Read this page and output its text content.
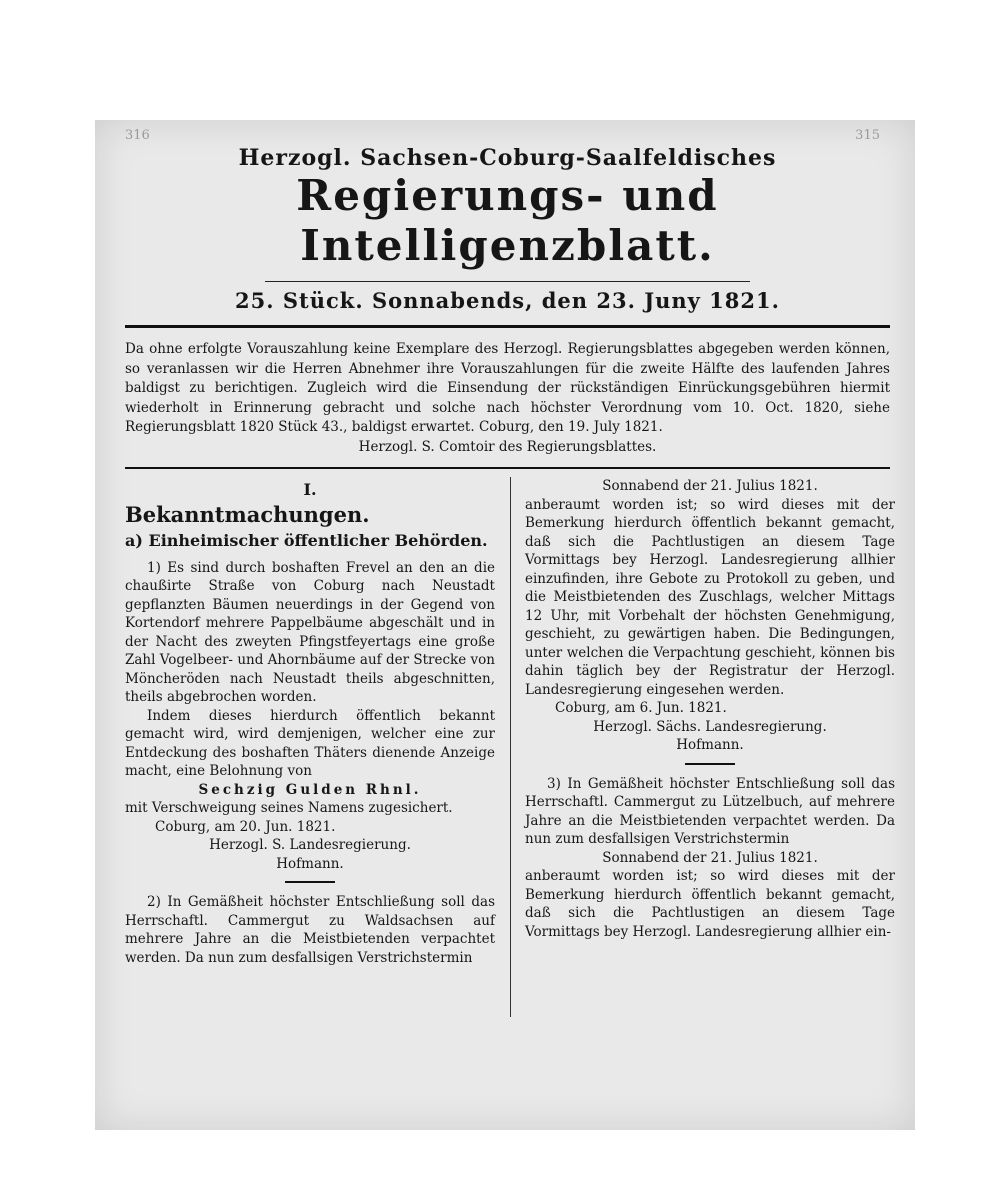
316	315
Herzogl. Sachsen-Coburg-Saalfeldisches
Regierungs- und Intelligenzblatt.
25. Stück. Sonnabends, den 23. Juny 1821.

Da ohne erfolgte Vorauszahlung keine Exemplare des Herzogl. Regierungsblattes abgegeben werden können, so veranlassen wir die Herren Abnehmer ihre Vorauszahlungen für die zweite Hälfte des laufenden Jahres baldigst zu berichtigen. Zugleich wird die Einsendung der rückständigen Einrückungsgebühren hiermit wiederholt in Erinnerung gebracht und solche nach höchster Verordnung vom 10. Oct. 1820, siehe Regierungsblatt 1820 Stück 43., baldigst erwartet. Coburg, den 19. July 1821.

Herzogl. S. Comtoir des Regierungsblattes.

I.
Bekanntmachungen.
a) Einheimischer öffentlicher Behörden.

1) Es sind durch boshaften Frevel an den an die chaußirte Straße von Coburg nach Neustadt gepflanzten Bäumen neuerdings in der Gegend von Kortendorf mehrere Pappelbäume abgeschält und in der Nacht des zweyten Pfingstfeyertags eine große Zahl Vogelbeer- und Ahornbäume auf der Strecke von Möncheröden nach Neustadt theils abgeschnitten, theils abgebrochen worden.

Indem dieses hierdurch öffentlich bekannt gemacht wird, wird demjenigen, welcher eine zur Entdeckung des boshaften Thäters dienende Anzeige macht, eine Belohnung von

Sechzig Gulden Rhnl.

mit Verschweigung seines Namens zugesichert.

Coburg, am 20. Jun. 1821.

Herzogl. S. Landesregierung.

Hofmann.

2) In Gemäßheit höchster Entschließung soll das Herrschaftl. Cammergut zu Waldsachsen auf mehrere Jahre an die Meistbietenden verpachtet werden. Da nun zum desfallsigen Verstrichstermin

Sonnabend der 21. Julius 1821.

anberaumt worden ist; so wird dieses mit der Bemerkung hierdurch öffentlich bekannt gemacht, daß sich die Pachtlustigen an diesem Tage Vormittags bey Herzogl. Landesregierung allhier einzufinden, ihre Gebote zu Protokoll zu geben, und die Meistbietenden des Zuschlags, welcher Mittags 12 Uhr, mit Vorbehalt der höchsten Genehmigung, geschieht, zu gewärtigen haben. Die Bedingungen, unter welchen die Verpachtung geschieht, können bis dahin täglich bey der Registratur der Herzogl. Landesregierung eingesehen werden.

Coburg, am 6. Jun. 1821.

Herzogl. Sächs. Landesregierung.

Hofmann.

3) In Gemäßheit höchster Entschließung soll das Herrschaftl. Cammergut zu Lützelbuch, auf mehrere Jahre an die Meistbietenden verpachtet werden. Da nun zum desfallsigen Verstrichstermin

Sonnabend der 21. Julius 1821.

anberaumt worden ist; so wird dieses mit der Bemerkung hierdurch öffentlich bekannt gemacht, daß sich die Pachtlustigen an diesem Tage Vormittags bey Herzogl. Landesregierung allhier ein-
